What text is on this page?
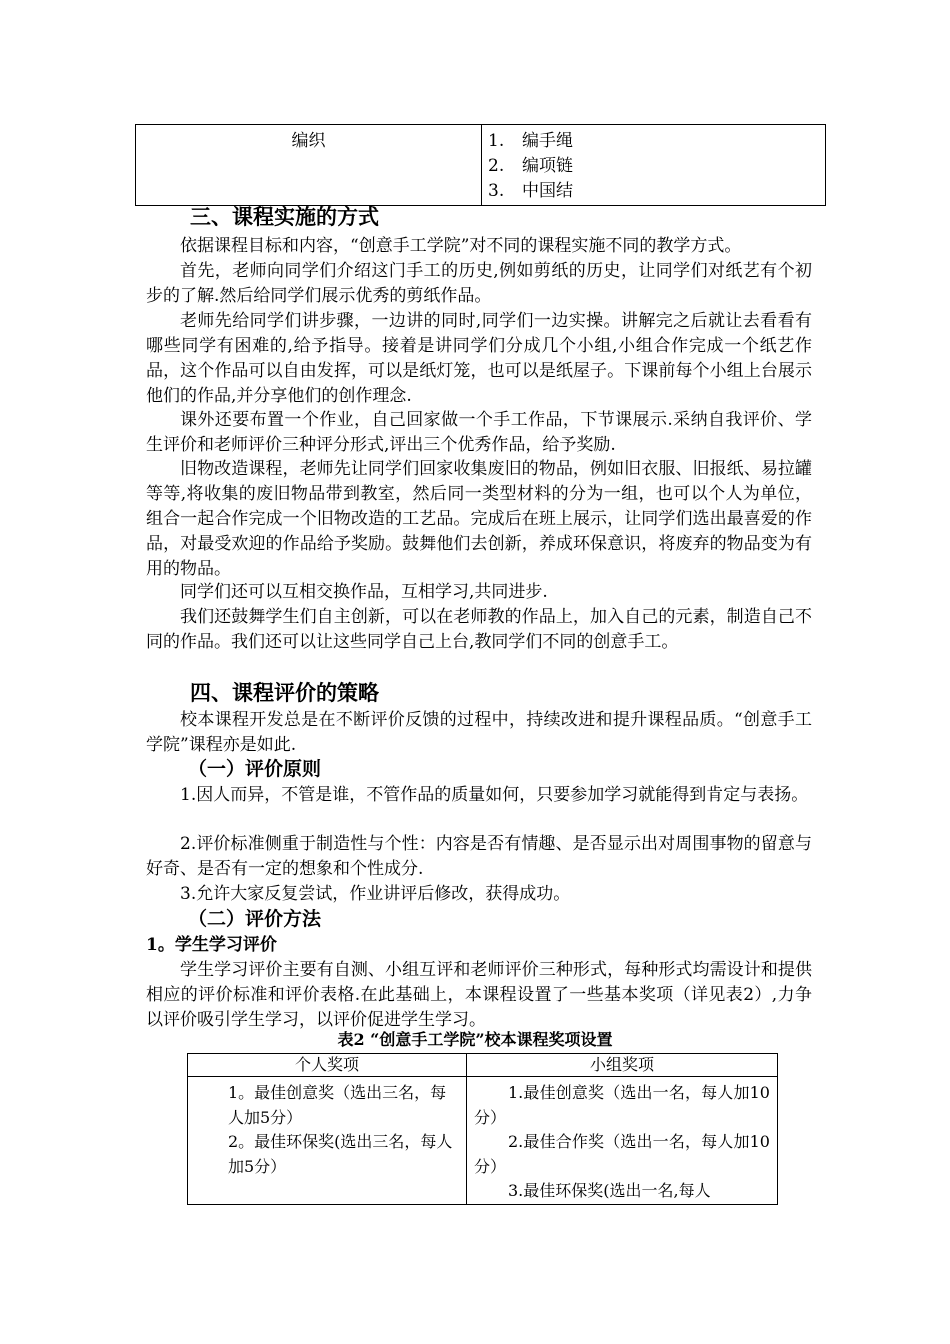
编织	1. 编手绳
2. 编项链
3. 中国结
三、课程实施的方式
依据课程目标和内容，“创意手工学院”对不同的课程实施不同的教学方式。
首先，老师向同学们介绍这门手工的历史,例如剪纸的历史，让同学们对纸艺有个初步的了解.然后给同学们展示优秀的剪纸作品。
老师先给同学们讲步骤，一边讲的同时,同学们一边实操。讲解完之后就让去看看有哪些同学有困难的,给予指导。接着是讲同学们分成几个小组,小组合作完成一个纸艺作品，这个作品可以自由发挥，可以是纸灯笼，也可以是纸屋子。下课前每个小组上台展示他们的作品,并分享他们的创作理念.
课外还要布置一个作业，自己回家做一个手工作品，下节课展示.采纳自我评价、学生评价和老师评价三种评分形式,评出三个优秀作品，给予奖励.
旧物改造课程，老师先让同学们回家收集废旧的物品，例如旧衣服、旧报纸、易拉罐等等,将收集的废旧物品带到教室，然后同一类型材料的分为一组，也可以个人为单位，组合一起合作完成一个旧物改造的工艺品。完成后在班上展示，让同学们选出最喜爱的作品，对最受欢迎的作品给予奖励。鼓舞他们去创新，养成环保意识，将废弃的物品变为有用的物品。
同学们还可以互相交换作品，互相学习,共同进步.
我们还鼓舞学生们自主创新，可以在老师教的作品上，加入自己的元素，制造自己不同的作品。我们还可以让这些同学自己上台,教同学们不同的创意手工。
四、课程评价的策略
校本课程开发总是在不断评价反馈的过程中，持续改进和提升课程品质。“创意手工学院”课程亦是如此.
（一）评价原则
1.因人而异，不管是谁，不管作品的质量如何，只要参加学习就能得到肯定与表扬。
2.评价标准侧重于制造性与个性：内容是否有情趣、是否显示出对周围事物的留意与好奇、是否有一定的想象和个性成分.
3.允许大家反复尝试，作业讲评后修改，获得成功。
（二）评价方法
1。学生学习评价
学生学习评价主要有自测、小组互评和老师评价三种形式，每种形式均需设计和提供相应的评价标准和评价表格.在此基础上，本课程设置了一些基本奖项（详见表2）,力争以评价吸引学生学习，以评价促进学生学习。
表2 “创意手工学院”校本课程奖项设置
个人奖项	小组奖项
1。最佳创意奖（选出三名，每人加5分）
2。最佳环保奖(选出三名，每人加5分）
1.最佳创意奖（选出一名，每人加10分）
2.最佳合作奖（选出一名，每人加10分）
3.最佳环保奖(选出一名,每人
